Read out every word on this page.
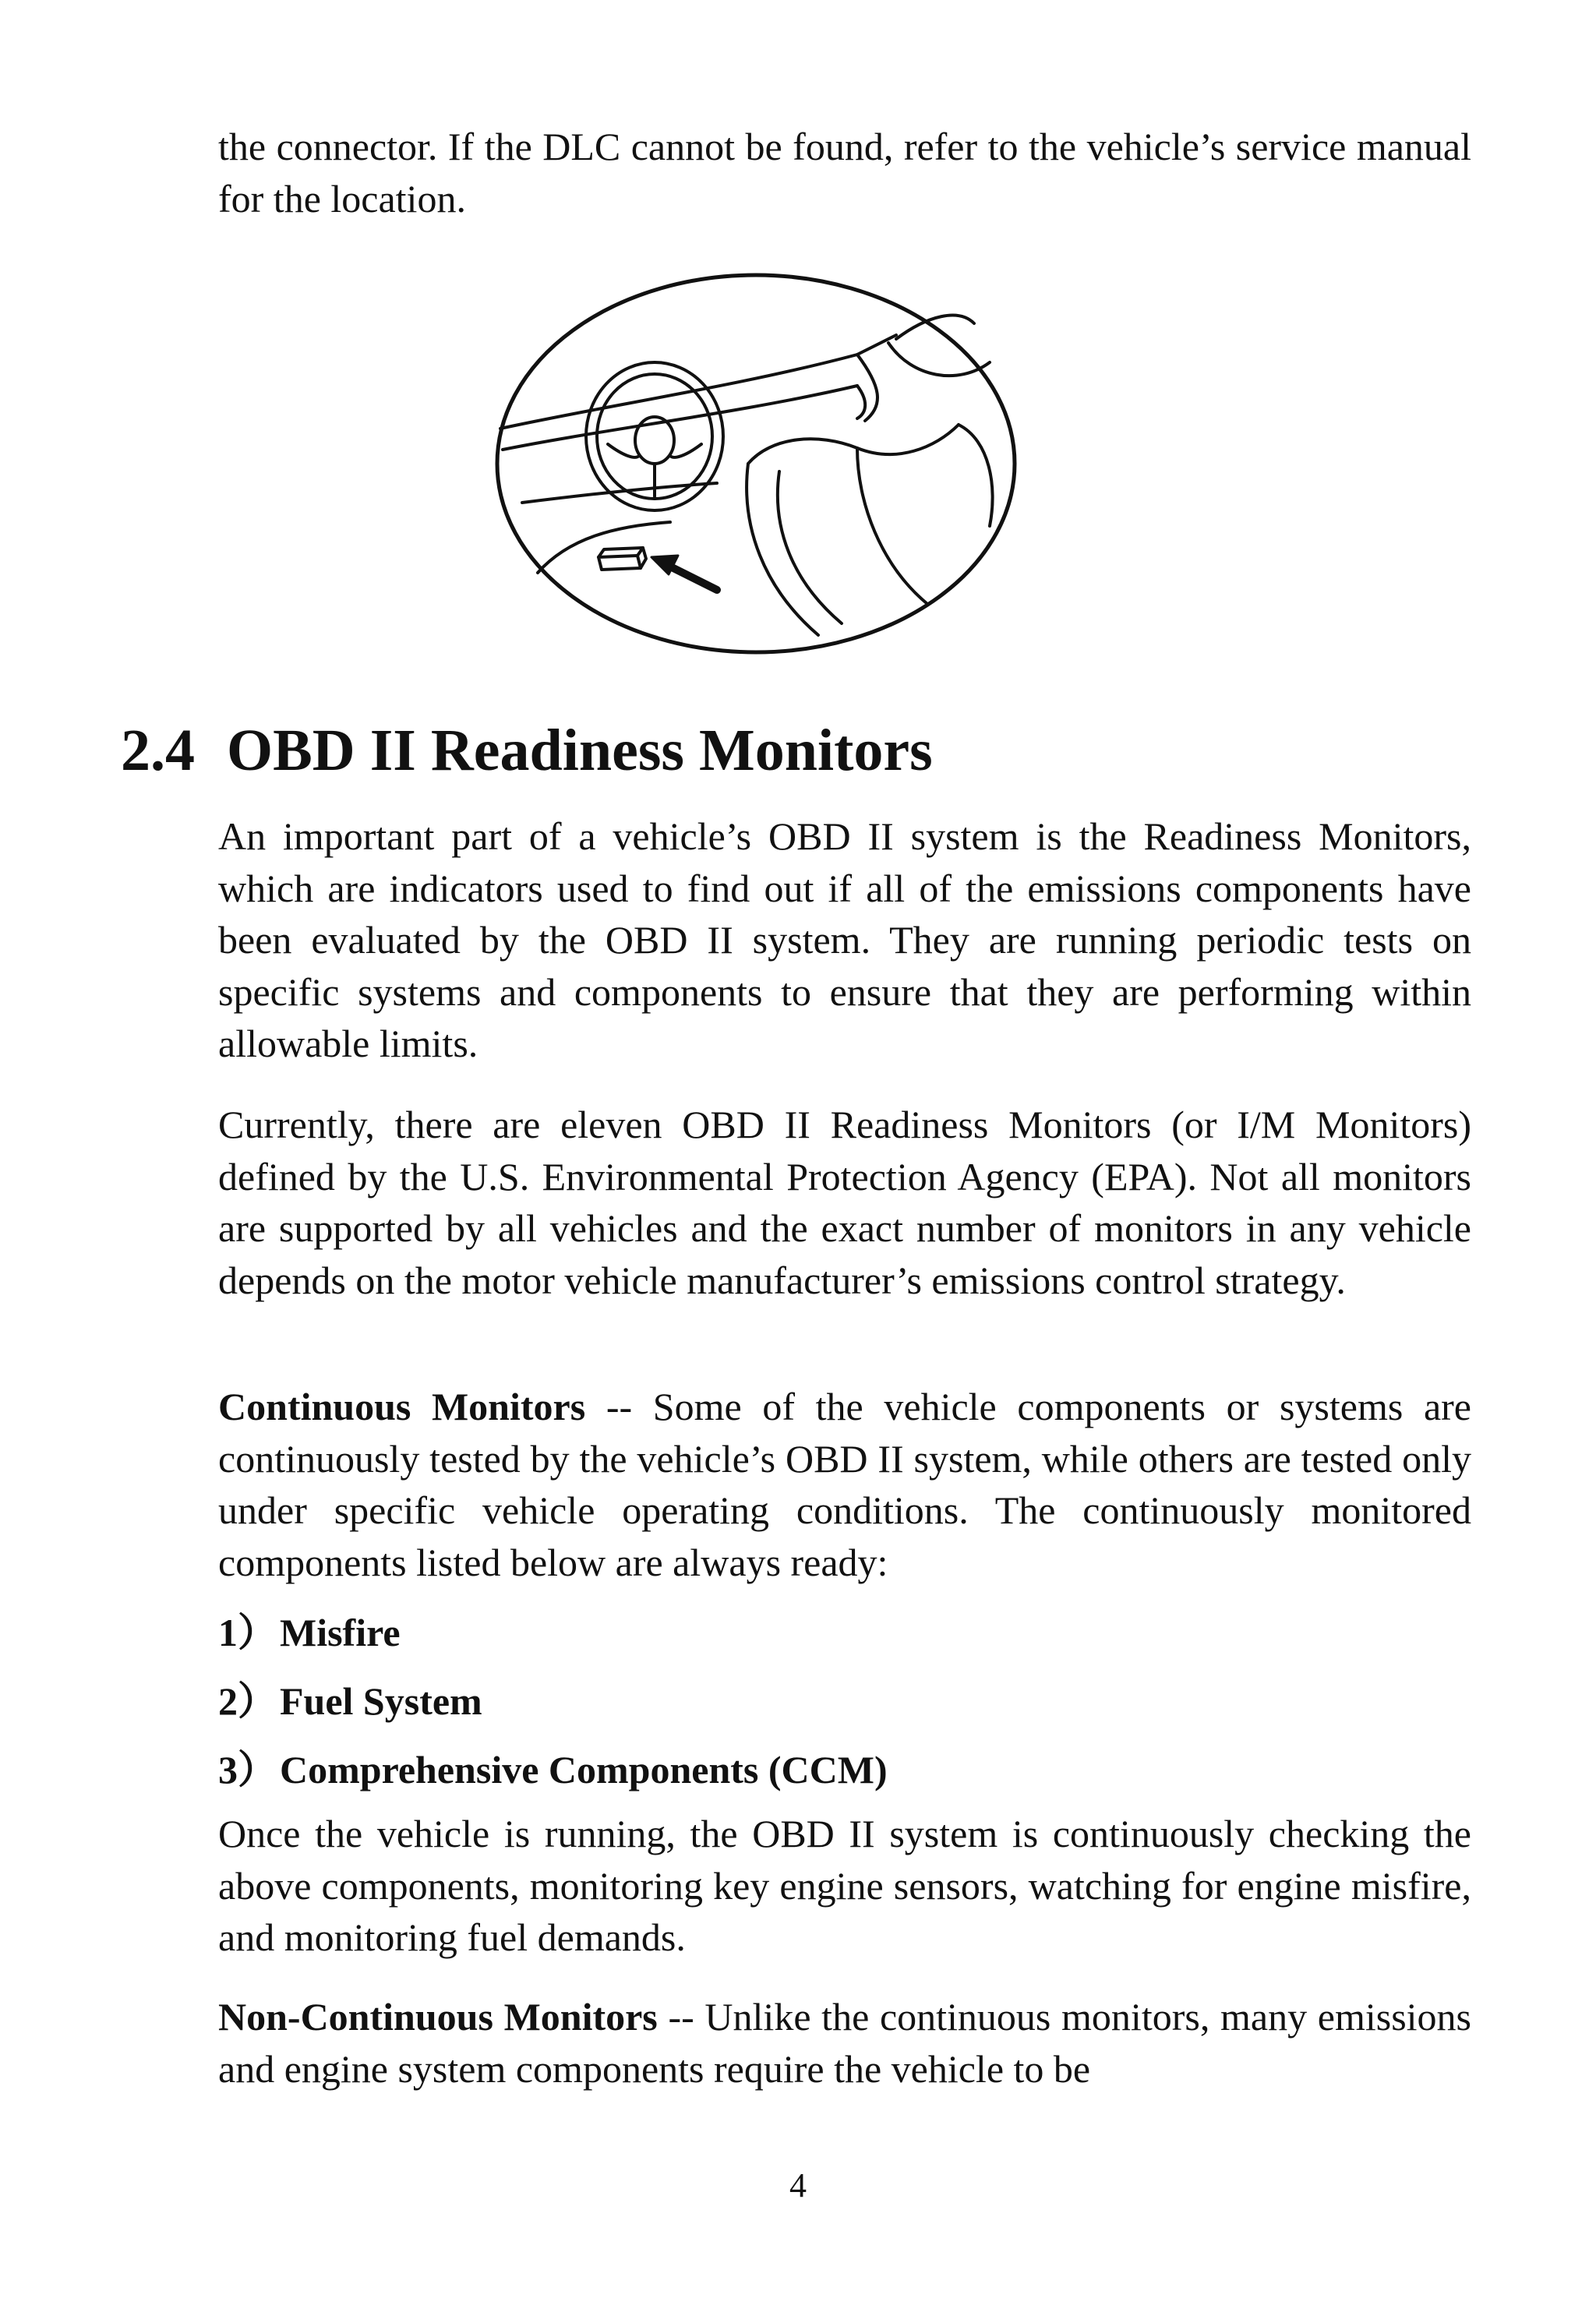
the connector. If the DLC cannot be found, refer to the vehicle’s service manual for the location.

2.4 OBD II Readiness Monitors

An important part of a vehicle’s OBD II system is the Readiness Monitors, which are indicators used to find out if all of the emissions components have been evaluated by the OBD II system. They are running periodic tests on specific systems and components to ensure that they are performing within allowable limits.

Currently, there are eleven OBD II Readiness Monitors (or I/M Monitors) defined by the U.S. Environmental Protection Agency (EPA). Not all monitors are supported by all vehicles and the exact number of monitors in any vehicle depends on the motor vehicle manufacturer’s emissions control strategy.

Continuous Monitors -- Some of the vehicle components or systems are continuously tested by the vehicle’s OBD II system, while others are tested only under specific vehicle operating conditions. The continuously monitored components listed below are always ready:

1）Misfire
2）Fuel System
3）Comprehensive Components (CCM)

Once the vehicle is running, the OBD II system is continuously checking the above components, monitoring key engine sensors, watching for engine misfire, and monitoring fuel demands.

Non-Continuous Monitors -- Unlike the continuous monitors, many emissions and engine system components require the vehicle to be

4
